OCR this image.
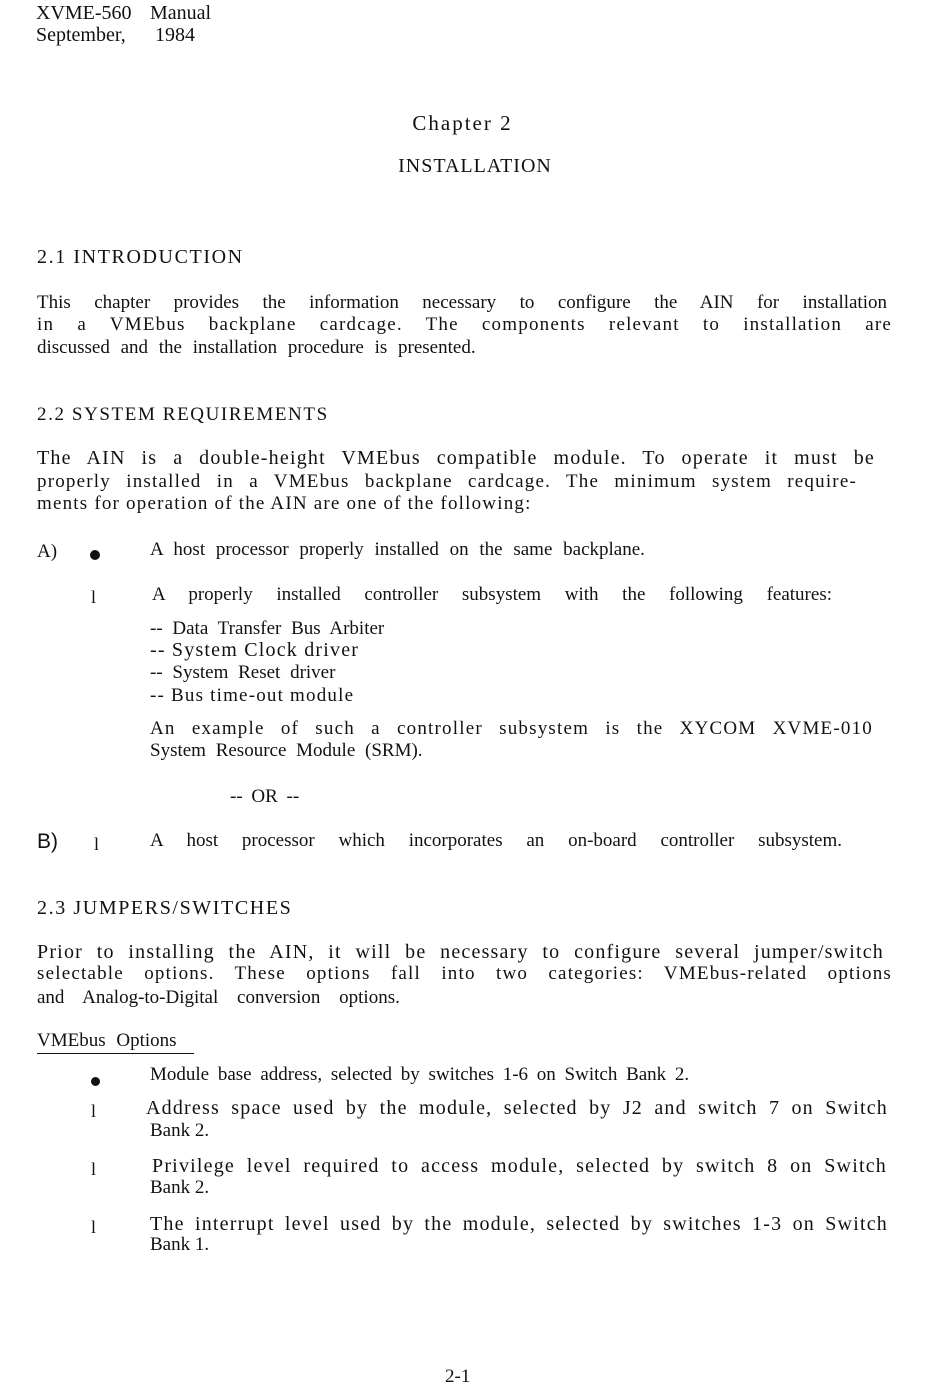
XVME-560 Manual
September, 1984
Chapter 2
INSTALLATION
2.1 INTRODUCTION
This chapter provides the information necessary to configure the AIN for installation
in a VMEbus backplane cardcage. The components relevant to installation are
discussed and the installation procedure is presented.
2.2 SYSTEM REQUIREMENTS
The AIN is a double-height VMEbus compatible module. To operate it must be
properly installed in a VMEbus backplane cardcage. The minimum system require-
ments for operation of the AIN are one of the following:
A)	A host processor properly installed on the same backplane.
l	A properly installed controller subsystem with the following features:
-- Data Transfer Bus Arbiter
-- System Clock driver
-- System Reset driver
-- Bus time-out module
An example of such a controller subsystem is the XYCOM XVME-010
System Resource Module (SRM).
-- OR --
B) l	A host processor which incorporates an on-board controller subsystem.
2.3 JUMPERS/SWITCHES
Prior to installing the AIN, it will be necessary to configure several jumper/switch
selectable options. These options fall into two categories: VMEbus-related options
and Analog-to-Digital conversion options.
VMEbus Options
Module base address, selected by switches 1-6 on Switch Bank 2.
l Address space used by the module, selected by J2 and switch 7 on Switch
Bank 2.
l	Privilege level required to access module, selected by switch 8 on Switch
Bank 2.
l	The interrupt level used by the module, selected by switches 1-3 on Switch
Bank 1.
2-1
